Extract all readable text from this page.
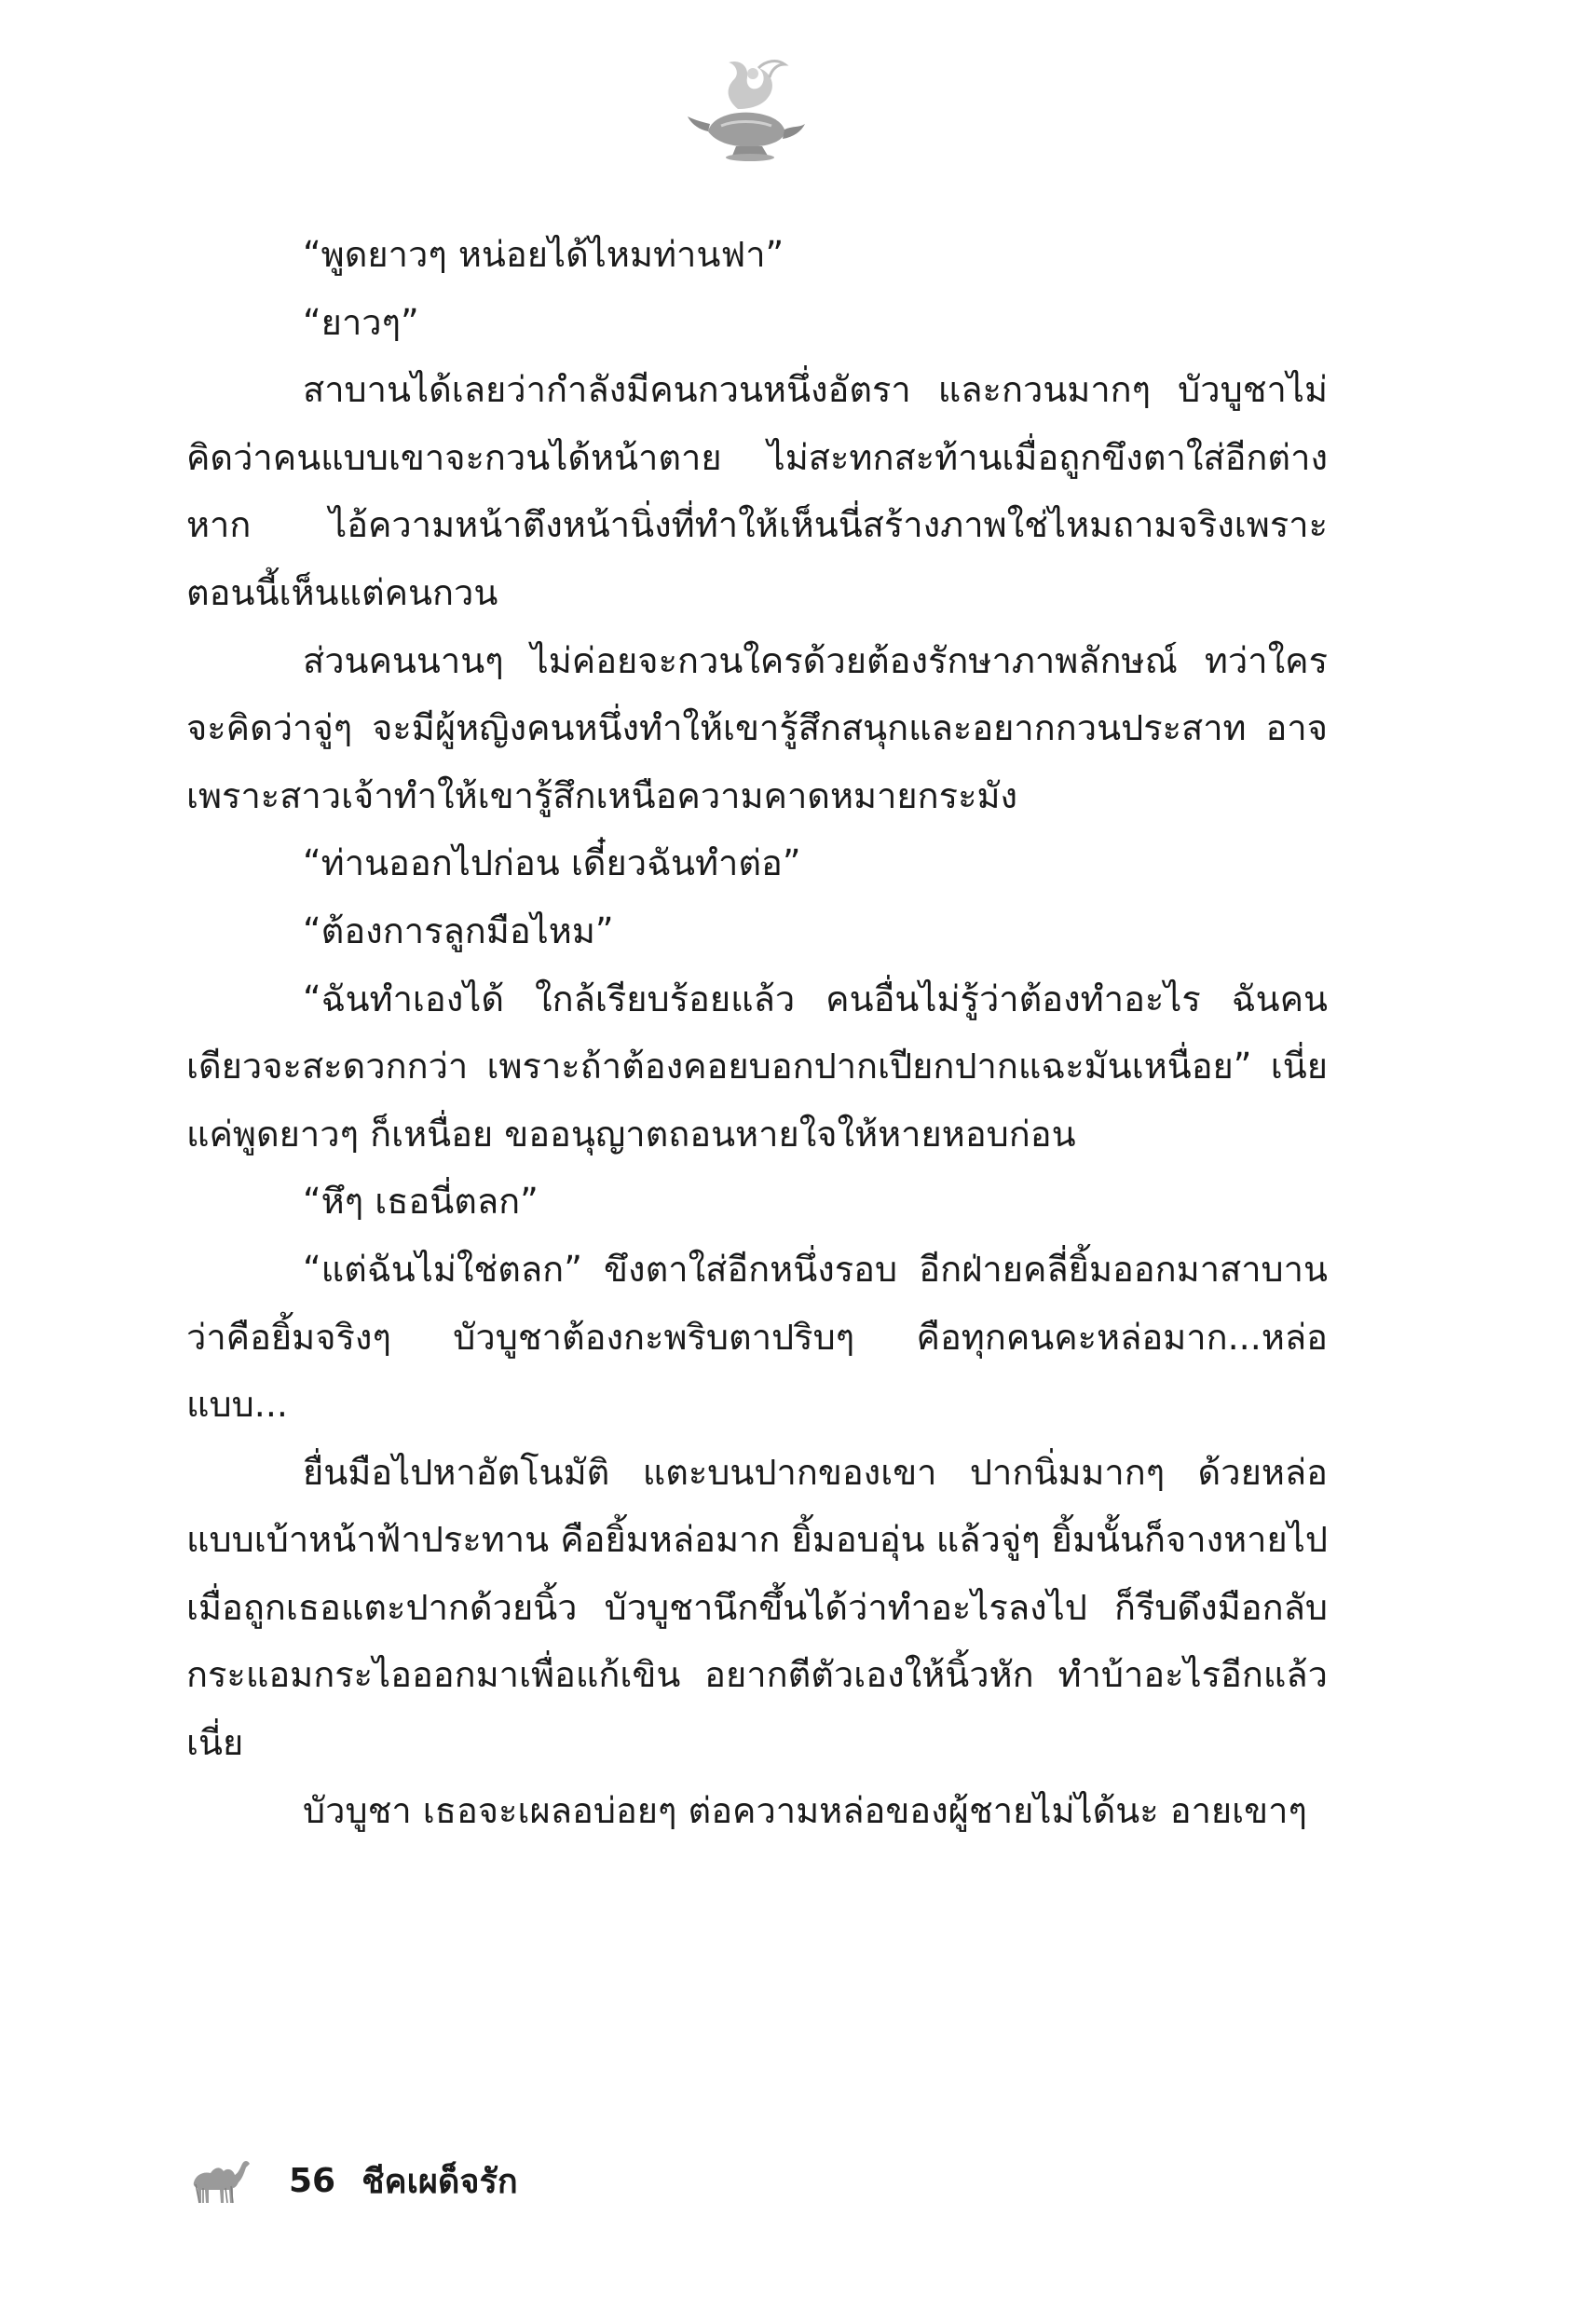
“พูดยาวๆ หน่อยได้ไหมท่านฟา”

“ยาวๆ”

สาบานได้เลยว่ากำลังมีคนกวนหนึ่งอัตรา และกวนมากๆ บัวบูชาไม่คิดว่าคนแบบเขาจะกวนได้หน้าตาย ไม่สะทกสะท้านเมื่อถูกขึงตาใส่อีกต่างหาก ไอ้ความหน้าตึงหน้านิ่งที่ทำให้เห็นนี่สร้างภาพใช่ไหมถามจริงเพราะตอนนี้เห็นแต่คนกวน

ส่วนคนนานๆ ไม่ค่อยจะกวนใครด้วยต้องรักษาภาพลักษณ์ ทว่าใครจะคิดว่าจู่ๆ จะมีผู้หญิงคนหนึ่งทำให้เขารู้สึกสนุกและอยากกวนประสาท อาจเพราะสาวเจ้าทำให้เขารู้สึกเหนือความคาดหมายกระมัง

“ท่านออกไปก่อน เดี๋ยวฉันทำต่อ”

“ต้องการลูกมือไหม”

“ฉันทำเองได้ ใกล้เรียบร้อยแล้ว คนอื่นไม่รู้ว่าต้องทำอะไร ฉันคนเดียวจะสะดวกกว่า เพราะถ้าต้องคอยบอกปากเปียกปากแฉะมันเหนื่อย” เนี่ยแค่พูดยาวๆ ก็เหนื่อย ขออนุญาตถอนหายใจให้หายหอบก่อน

“หึๆ เธอนี่ตลก”

“แต่ฉันไม่ใช่ตลก” ขึงตาใส่อีกหนึ่งรอบ อีกฝ่ายคลี่ยิ้มออกมาสาบานว่าคือยิ้มจริงๆ บัวบูชาต้องกะพริบตาปริบๆ คือทุกคนคะหล่อมาก...หล่อแบบ...

ยื่นมือไปหาอัตโนมัติ แตะบนปากของเขา ปากนิ่มมากๆ ด้วยหล่อแบบเบ้าหน้าฟ้าประทาน คือยิ้มหล่อมาก ยิ้มอบอุ่น แล้วจู่ๆ ยิ้มนั้นก็จางหายไปเมื่อถูกเธอแตะปากด้วยนิ้ว บัวบูชานึกขึ้นได้ว่าทำอะไรลงไป ก็รีบดึงมือกลับ กระแอมกระไอออกมาเพื่อแก้เขิน อยากตีตัวเองให้นิ้วหัก ทำบ้าอะไรอีกแล้วเนี่ย

บัวบูชา เธอจะเผลอบ่อยๆ ต่อความหล่อของผู้ชายไม่ได้นะ อายเขาๆ

56 ชีคเผด็จรัก
